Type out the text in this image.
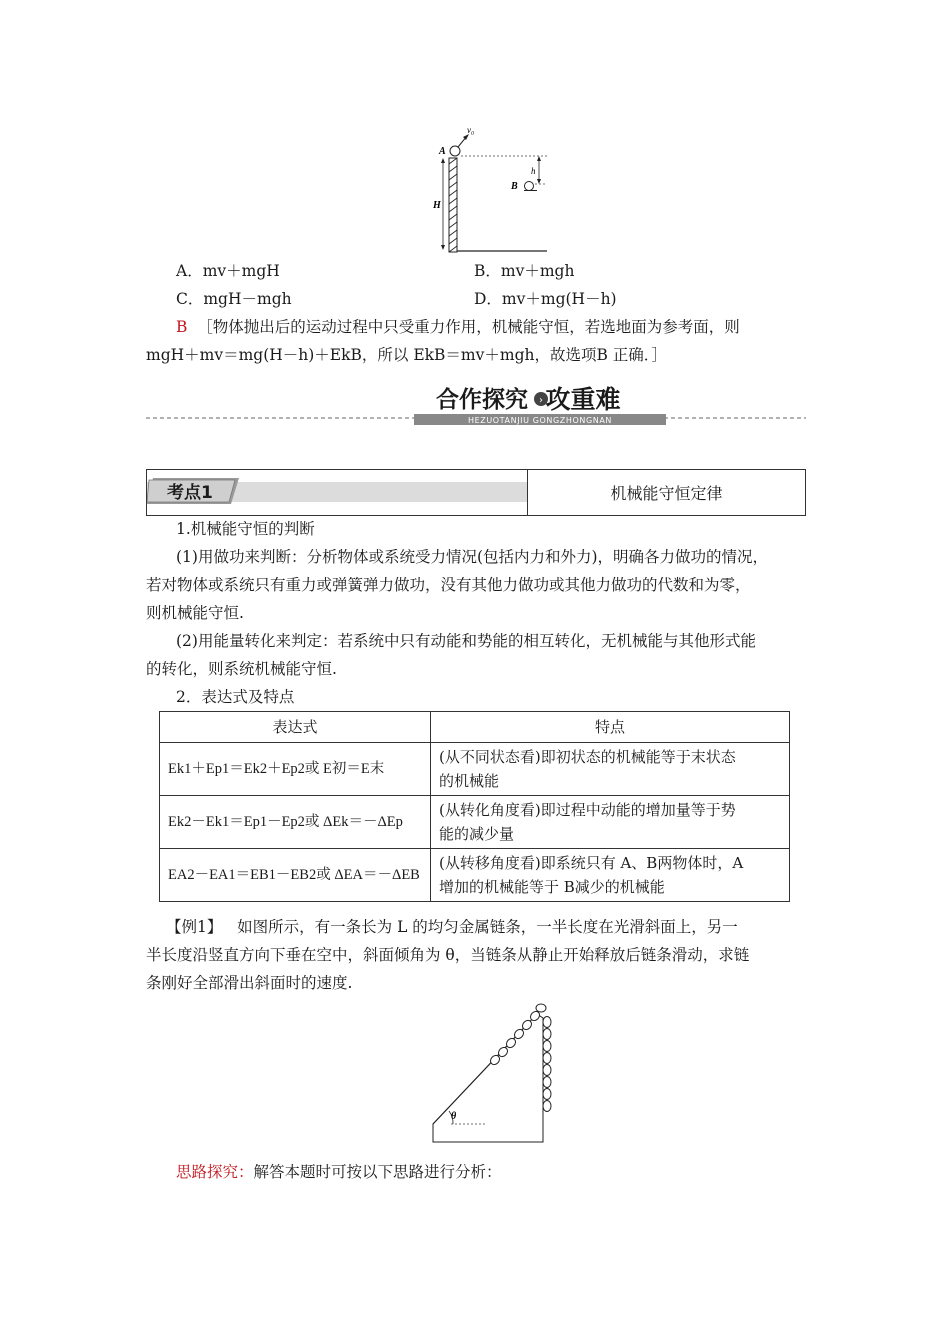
v₀
A
H
B
h
A．mv＋mgH	B．mv＋mgh
C．mgH－mgh	D．mv＋mg(H－h)
B ［物体抛出后的运动过程中只受重力作用，机械能守恒，若选地面为参考面，则
mgH＋mv＝mg(H－h)＋EkB，所以 EkB＝mv＋mgh，故选项B 正确．］
HEZUOTANJIU GONGZHONGNAN
合作探究 › 攻重难
考点1	机械能守恒定律
1.机械能守恒的判断
(1)用做功来判断：分析物体或系统受力情况(包括内力和外力)，明确各力做功的情况，
若对物体或系统只有重力或弹簧弹力做功，没有其他力做功或其他力做功的代数和为零，
则机械能守恒.
(2)用能量转化来判定：若系统中只有动能和势能的相互转化，无机械能与其他形式能
的转化，则系统机械能守恒.
2．表达式及特点
表达式	特点
Ek1＋Ep1＝Ek2＋Ep2或 E初＝E末	(从不同状态看)即初状态的机械能等于末状态
的机械能

Ek2－Ek1＝Ep1－Ep2或 ΔEk＝－ΔEp	(从转化角度看)即过程中动能的增加量等于势
能的减少量

EA2－EA1＝EB1－EB2或 ΔEA＝－ΔEB	(从转移角度看)即系统只有 A、B两物体时，A
增加的机械能等于 B减少的机械能
【例1】 如图所示，有一条长为 L 的均匀金属链条，一半长度在光滑斜面上，另一
半长度沿竖直方向下垂在空中，斜面倾角为 θ，当链条从静止开始释放后链条滑动，求链
条刚好全部滑出斜面时的速度.
θ
思路探究：解答本题时可按以下思路进行分析：
